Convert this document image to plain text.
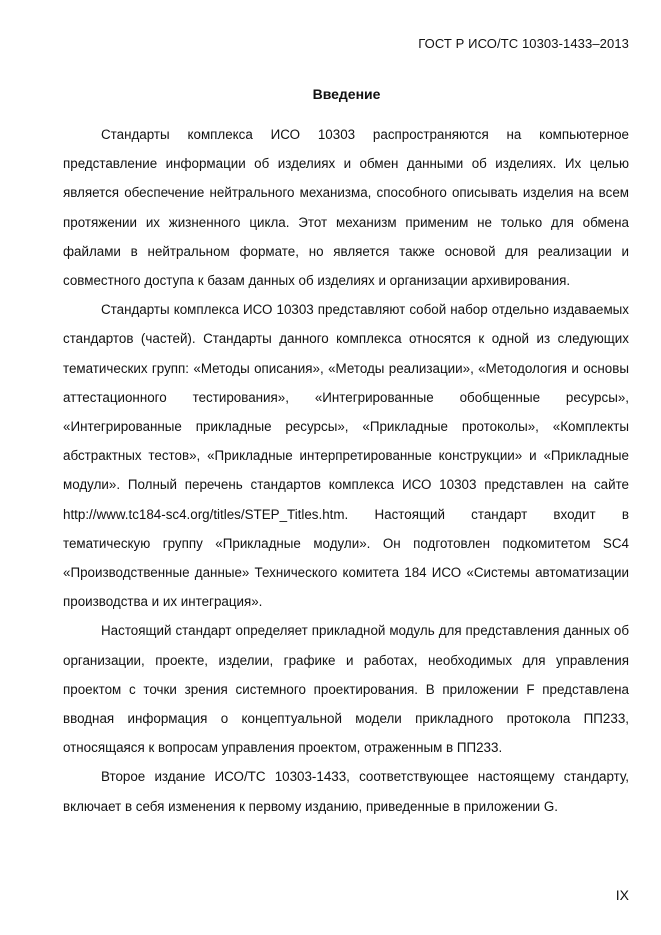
ГОСТ Р ИСО/ТС 10303-1433–2013
Введение

Стандарты комплекса ИСО 10303 распространяются на компьютерное представление информации об изделиях и обмен данными об изделиях. Их целью является обеспечение нейтрального механизма, способного описывать изделия на всем протяжении их жизненного цикла. Этот механизм применим не только для обмена файлами в нейтральном формате, но является также основой для реализации и совместного доступа к базам данных об изделиях и организации архивирования.

Стандарты комплекса ИСО 10303 представляют собой набор отдельно издаваемых стандартов (частей). Стандарты данного комплекса относятся к одной из следующих тематических групп: «Методы описания», «Методы реализации», «Методология и основы аттестационного тестирования», «Интегрированные обобщенные ресурсы», «Интегрированные прикладные ресурсы», «Прикладные протоколы», «Комплекты абстрактных тестов», «Прикладные интерпретированные конструкции» и «Прикладные модули». Полный перечень стандартов комплекса ИСО 10303 представлен на сайте http://www.tc184-sc4.org/titles/STEP_Titles.htm. Настоящий стандарт входит в тематическую группу «Прикладные модули». Он подготовлен подкомитетом SC4 «Производственные данные» Технического комитета 184 ИСО «Системы автоматизации производства и их интеграция».

Настоящий стандарт определяет прикладной модуль для представления данных об организации, проекте, изделии, графике и работах, необходимых для управления проектом с точки зрения системного проектирования. В приложении F представлена вводная информация о концептуальной модели прикладного протокола ПП233, относящаяся к вопросам управления проектом, отраженным в ПП233.

Второе издание ИСО/ТС 10303-1433, соответствующее настоящему стандарту, включает в себя изменения к первому изданию, приведенные в приложении G.

IX
